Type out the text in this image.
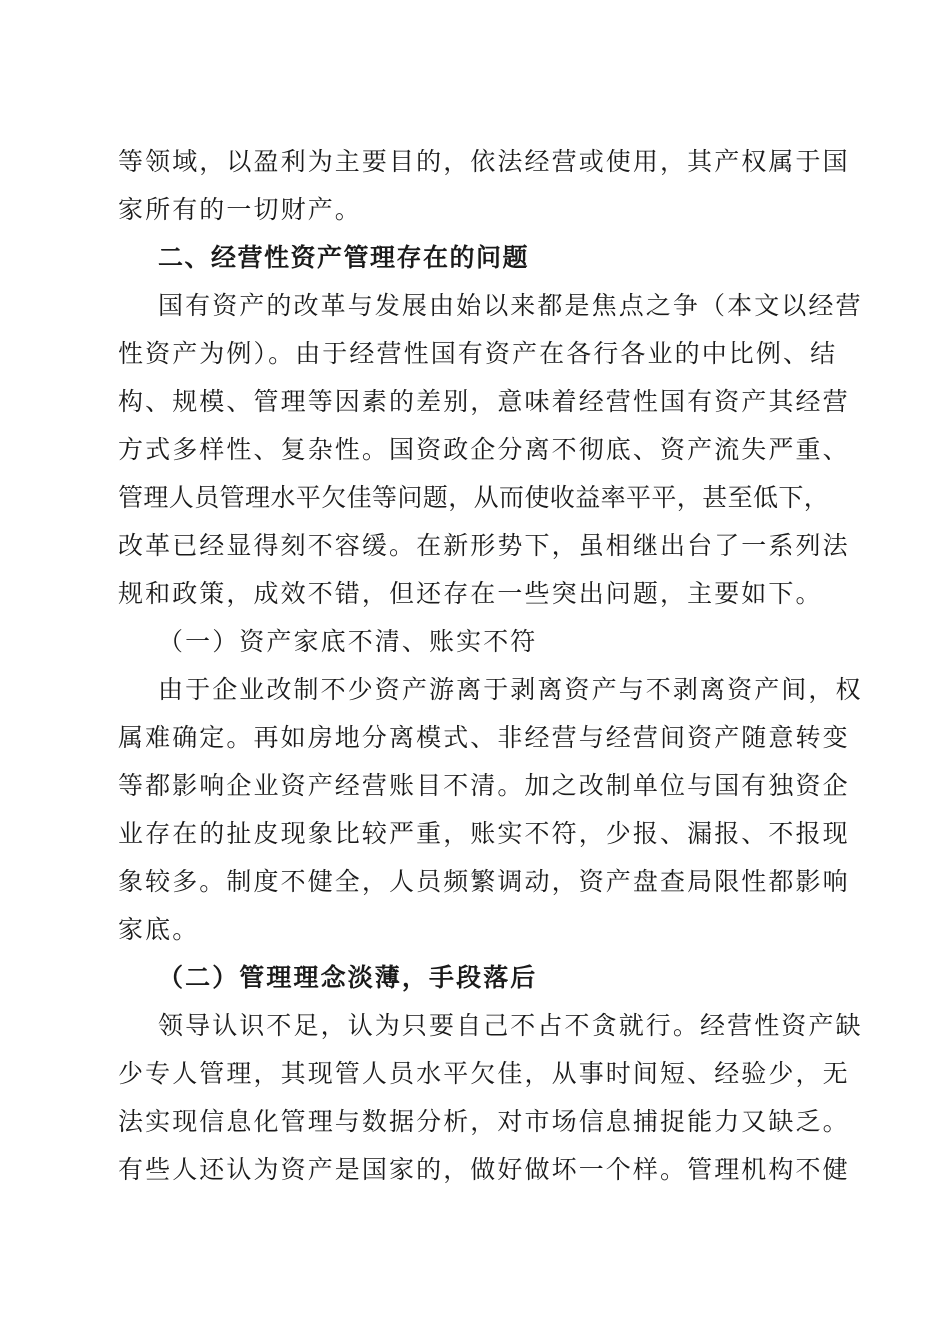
等领域，以盈利为主要目的，依法经营或使用，其产权属于国
家所有的一切财产。
二、经营性资产管理存在的问题
国有资产的改革与发展由始以来都是焦点之争（本文以经营
性资产为例）。由于经营性国有资产在各行各业的中比例、结
构、规模、管理等因素的差别，意味着经营性国有资产其经营
方式多样性、复杂性。国资政企分离不彻底、资产流失严重、
管理人员管理水平欠佳等问题，从而使收益率平平，甚至低下，
改革已经显得刻不容缓。在新形势下，虽相继出台了一系列法
规和政策，成效不错，但还存在一些突出问题，主要如下。
（一）资产家底不清、账实不符
由于企业改制不少资产游离于剥离资产与不剥离资产间，权
属难确定。再如房地分离模式、非经营与经营间资产随意转变
等都影响企业资产经营账目不清。加之改制单位与国有独资企
业存在的扯皮现象比较严重，账实不符，少报、漏报、不报现
象较多。制度不健全，人员频繁调动，资产盘查局限性都影响
家底。
（二）管理理念淡薄，手段落后
领导认识不足，认为只要自己不占不贪就行。经营性资产缺
少专人管理，其现管人员水平欠佳，从事时间短、经验少，无
法实现信息化管理与数据分析，对市场信息捕捉能力又缺乏。
有些人还认为资产是国家的，做好做坏一个样。管理机构不健
